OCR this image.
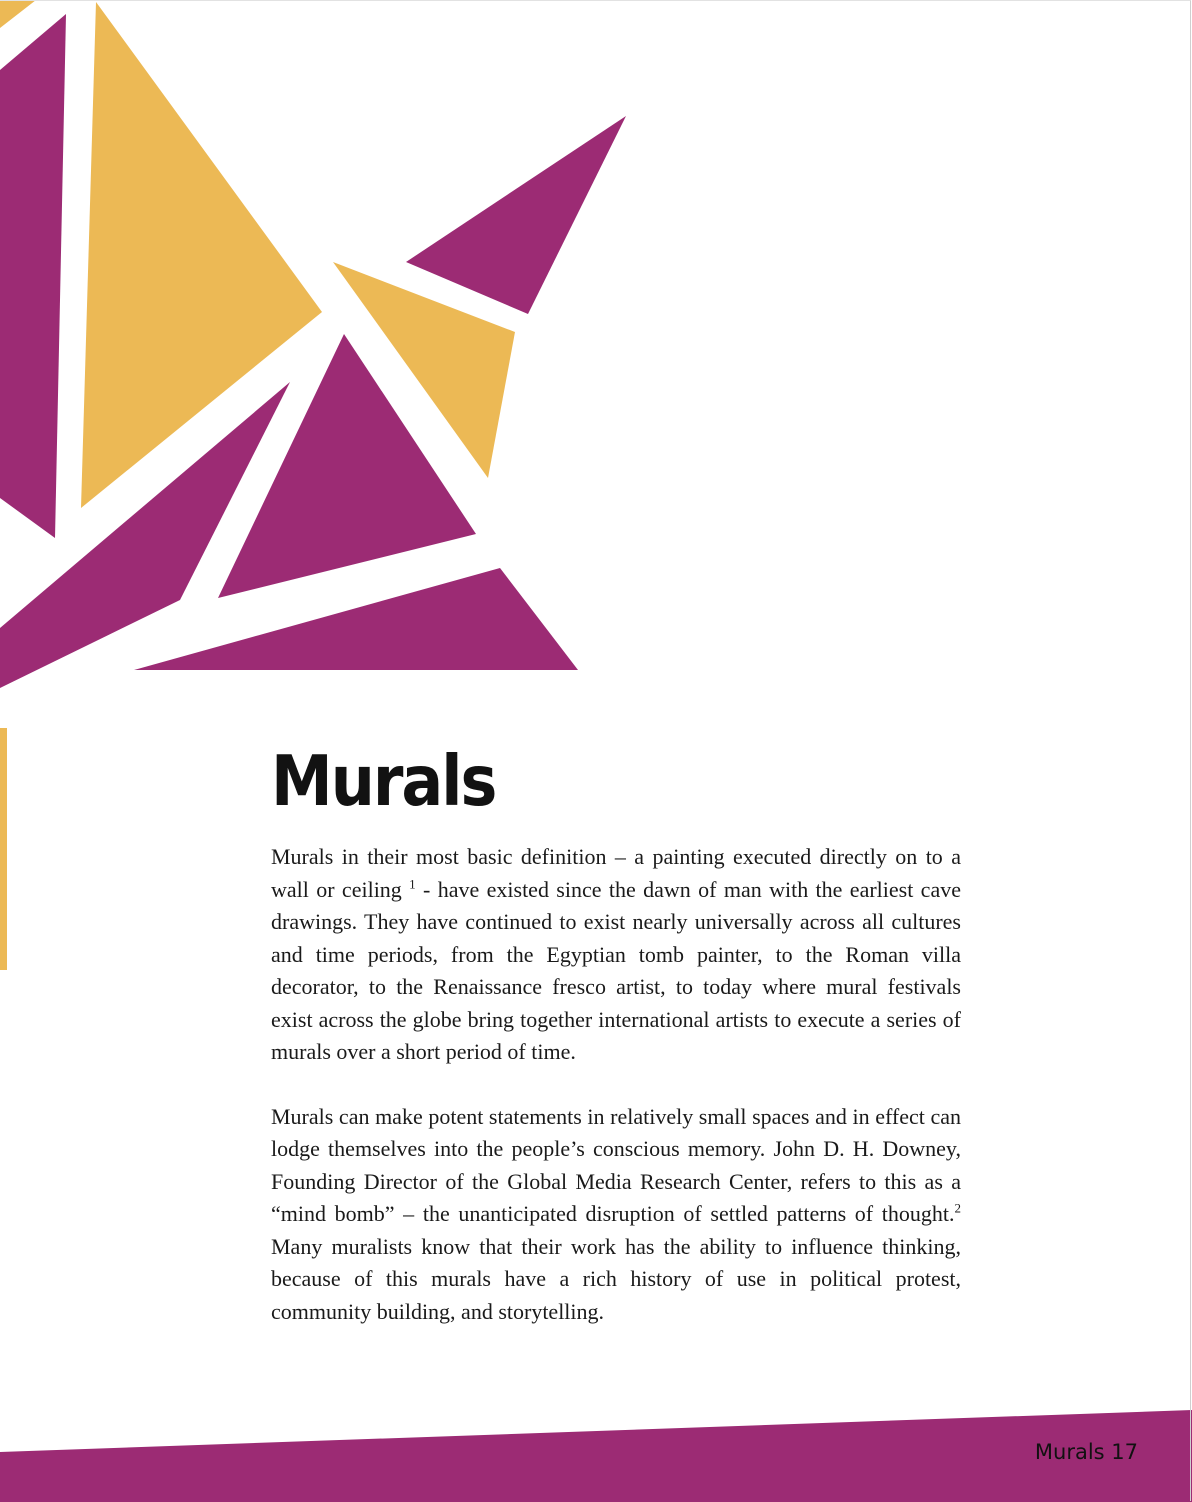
Murals

Murals in their most basic definition – a painting executed directly on to a wall or ceiling $^1$ - have existed since the dawn of man with the earliest cave drawings. They have continued to exist nearly universally across all cultures and time periods, from the Egyptian tomb painter, to the Roman villa decorator, to the Renaissance fresco artist, to today where mural festivals exist across the globe bring together international artists to execute a series of murals over a short period of time.

Murals can make potent statements in relatively small spaces and in effect can lodge themselves into the people’s conscious memory. John D. H. Downey, Founding Director of the Global Media Research Center, refers to this as a “mind bomb” – the unanticipated disruption of settled patterns of thought.$^2$ Many muralists know that their work has the ability to influence thinking, because of this murals have a rich history of use in political protest, community building, and storytelling.

Murals 17
